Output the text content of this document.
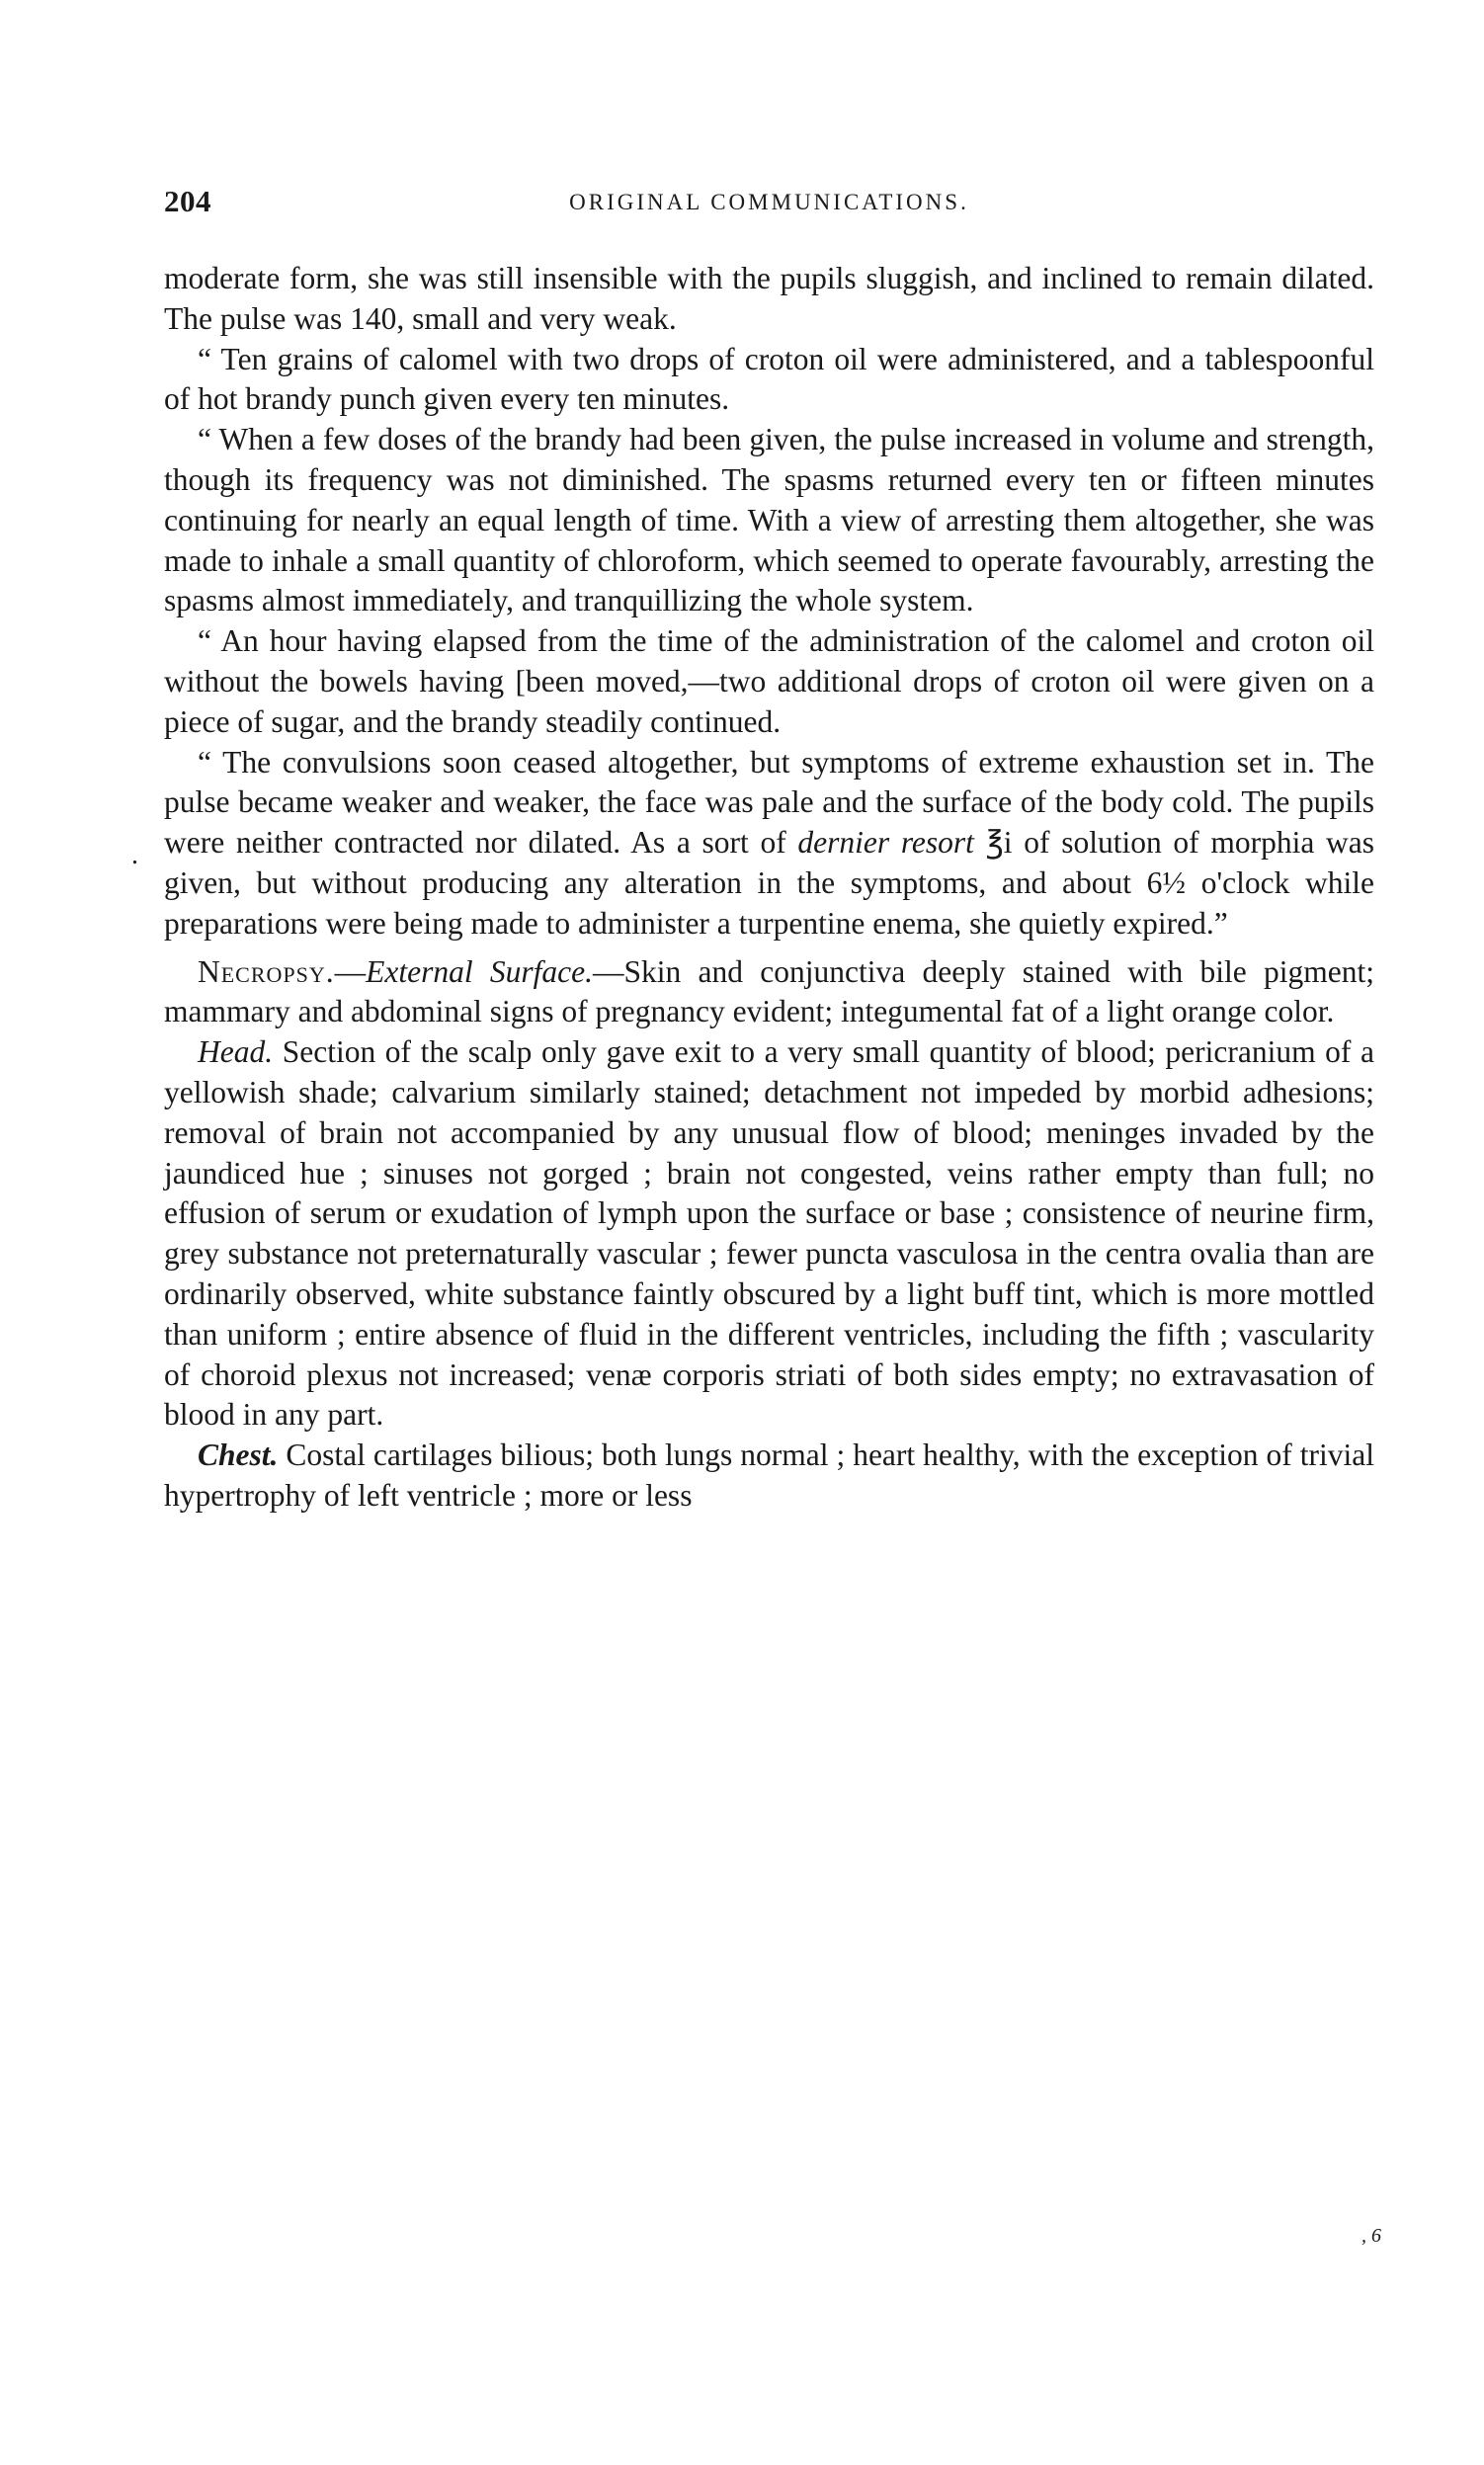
204	ORIGINAL COMMUNICATIONS.
.

moderate form, she was still insensible with the pupils sluggish, and inclined to remain dilated. The pulse was 140, small and very weak.

“ Ten grains of calomel with two drops of croton oil were administered, and a tablespoonful of hot brandy punch given every ten minutes.

“ When a few doses of the brandy had been given, the pulse increased in volume and strength, though its frequency was not diminished. The spasms returned every ten or fifteen minutes continuing for nearly an equal length of time. With a view of arresting them altogether, she was made to inhale a small quantity of chloroform, which seemed to operate favourably, arresting the spasms almost immediately, and tranquillizing the whole system.

“ An hour having elapsed from the time of the administration of the calomel and croton oil without the bowels having [been moved,—two additional drops of croton oil were given on a piece of sugar, and the brandy steadily continued.

“ The convulsions soon ceased altogether, but symptoms of extreme exhaustion set in. The pulse became weaker and weaker, the face was pale and the surface of the body cold. The pupils were neither contracted nor dilated. As a sort of dernier resort ℥i of solution of morphia was given, but without producing any alteration in the symptoms, and about 6½ o'clock while preparations were being made to administer a turpentine enema, she quietly expired.”

Necropsy.—External Surface.—Skin and conjunctiva deeply stained with bile pigment; mammary and abdominal signs of pregnancy evident; integumental fat of a light orange color.

Head. Section of the scalp only gave exit to a very small quantity of blood; pericranium of a yellowish shade; calvarium similarly stained; detachment not impeded by morbid adhesions; removal of brain not accompanied by any unusual flow of blood; meninges invaded by the jaundiced hue ; sinuses not gorged ; brain not congested, veins rather empty than full; no effusion of serum or exudation of lymph upon the surface or base ; consistence of neurine firm, grey substance not preternaturally vascular ; fewer puncta vasculosa in the centra ovalia than are ordinarily observed, white substance faintly obscured by a light buff tint, which is more mottled than uniform ; entire absence of fluid in the different ventricles, including the fifth ; vascularity of choroid plexus not increased; venæ corporis striati of both sides empty; no extravasation of blood in any part.

Chest. Costal cartilages bilious; both lungs normal ; heart healthy, with the exception of trivial hypertrophy of left ventricle ; more or less

, 6
